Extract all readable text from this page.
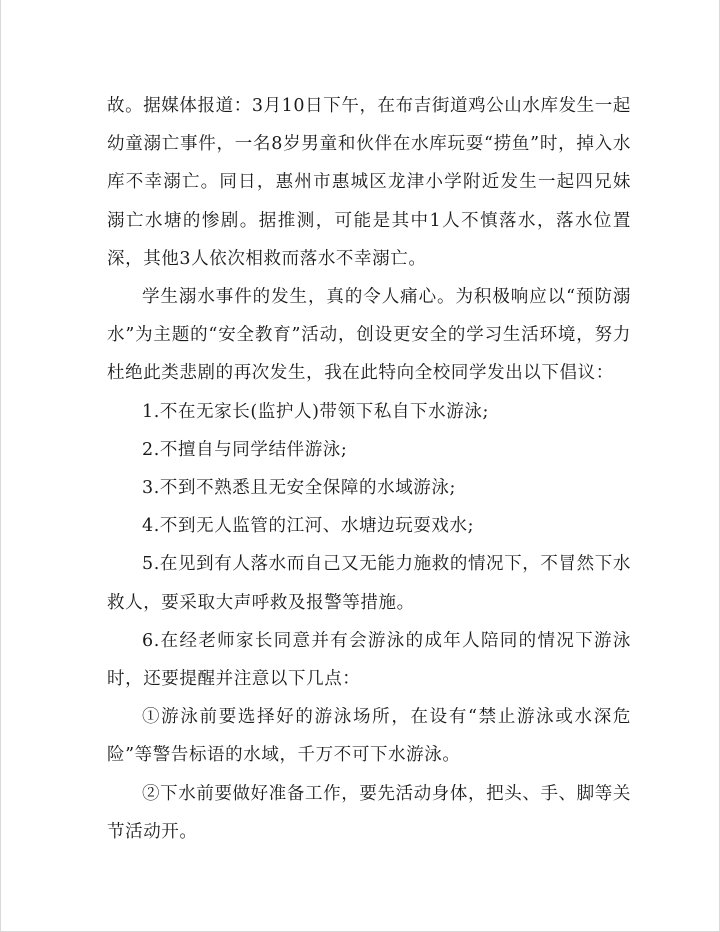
故。据媒体报道：3月10日下午，在布吉街道鸡公山水库发生一起幼童溺亡事件，一名8岁男童和伙伴在水库玩耍“捞鱼”时，掉入水库不幸溺亡。同日，惠州市惠城区龙津小学附近发生一起四兄妹溺亡水塘的惨剧。据推测，可能是其中1人不慎落水，落水位置深，其他3人依次相救而落水不幸溺亡。

学生溺水事件的发生，真的令人痛心。为积极响应以“预防溺水”为主题的“安全教育”活动，创设更安全的学习生活环境，努力杜绝此类悲剧的再次发生，我在此特向全校同学发出以下倡议：

1.不在无家长(监护人)带领下私自下水游泳;

2.不擅自与同学结伴游泳;

3.不到不熟悉且无安全保障的水域游泳;

4.不到无人监管的江河、水塘边玩耍戏水;

5.在见到有人落水而自己又无能力施救的情况下，不冒然下水救人，要采取大声呼救及报警等措施。

6.在经老师家长同意并有会游泳的成年人陪同的情况下游泳时，还要提醒并注意以下几点：

①游泳前要选择好的游泳场所，在设有“禁止游泳或水深危险”等警告标语的水域，千万不可下水游泳。

②下水前要做好准备工作，要先活动身体，把头、手、脚等关节活动开。
